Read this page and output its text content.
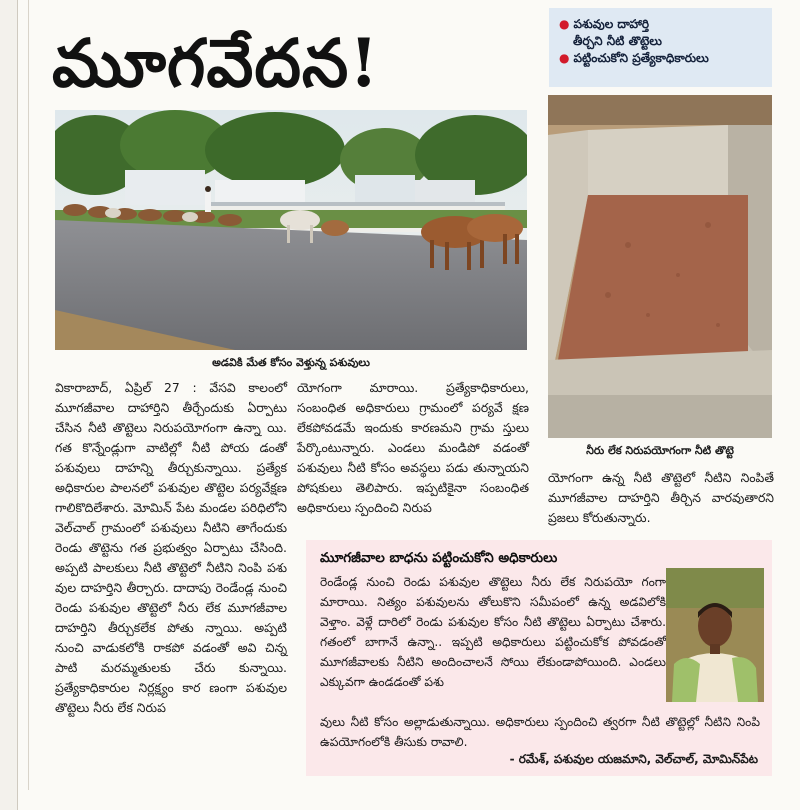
మూగవేదన!	● పశువుల దాహార్తి
తీర్చని నీటి తొట్టెలు
● పట్టించుకోని ప్రత్యేకాధికారులు
అడవికి మేత కోసం వెళ్తున్న పశువులు
నీరు లేక నిరుపయోగంగా నీటి తొట్టె

వికారాబాద్, ఏప్రిల్ 27 : వేసవి కాలంలో మూగజీవాల దాహార్తిని తీర్చేందుకు ఏర్పాటు చేసిన నీటి తొట్టెలు నిరుపయోగంగా ఉన్నా యి. గత కొన్నేండ్లుగా వాటిల్లో నీటి పోయ డంతో పశువులు దాహన్ని తీర్చుకున్నాయి. ప్రత్యేక అధికారుల పాలనలో పశువుల తొట్టెల పర్యవేక్షణ గాలికొదిలేశారు. మోమిన్ పేట మండల పరిధిలోని వెల్‌చాల్ గ్రామంలో పశువులు నీటిని తాగేందుకు రెండు తొట్టెను గత ప్రభుత్వం ఏర్పాటు చేసింది. అప్పటి పాలకులు నీటి తొట్టెలో నీటిని నింపి పశు వుల దాహర్తిని తీర్చారు. దాదాపు రెండేండ్ల నుంచి రెండు పశువుల తొట్టెలో నీరు లేక మూగజీవాల దాహర్తిని తీర్చుకలేక పోతు న్నాయి. అప్పటి నుంచి వాడుకలోకి రాకపో వడంతో అవి చిన్న పాటి మరమ్మతులకు చేరు కున్నాయి. ప్రత్యేకాధికారుల నిర్లక్ష్యం కార ణంగా పశువుల తొట్టెలు నీరు లేక నిరుప

యోగంగా మారాయి. ప్రత్యేకాధికారులు, సంబంధిత అధికారులు గ్రామంలో పర్యవే క్షణ లేకపోవడమే ఇందుకు కారణమని గ్రామ స్తులు పేర్కొంటున్నారు. ఎండలు మండిపో వడంతో పశువులు నీటి కోసం అవస్థలు పడు తున్నాయని పోషకులు తెలిపారు. ఇప్పటికైనా సంబంధిత అధికారులు స్పందించి నిరుప

యోగంగా ఉన్న నీటి తొట్టెలో నీటిని నింపితే మూగజీవాల దాహర్తిని తీర్చిన వారవుతారని ప్రజలు కోరుతున్నారు.

మూగజీవాల బాధను పట్టించుకోని అధికారులు
రెండేండ్ల నుంచి రెండు పశువుల తొట్టెలు నీరు లేక నిరుపయో గంగా మారాయి. నిత్యం పశువులను తోలుకొని సమీపంలో ఉన్న అడవిలోకి వెళ్తాం. వెళ్లే దారిలో రెండు పశువుల కోసం నీటి తొట్టెలు ఏర్పాటు చేశారు. గతంలో బాగానే ఉన్నా.. ఇప్పటి అధికారులు పట్టించుకోక పోవడంతో మూగజీవాలకు నీటిని అందించాలనే సోయి లేకుండాపోయింది. ఎండలు ఎక్కువగా ఉండడంతో పశు
వులు నీటి కోసం అల్లాడుతున్నాయి. అధికారులు స్పందించి త్వరగా నీటి తొట్టెల్లో నీటిని నింపి ఉపయోగంలోకి తీసుకు రావాలి.
- రమేశ్, పశువుల యజమాని, వెల్‌చాల్, మోమిన్‌పేట
